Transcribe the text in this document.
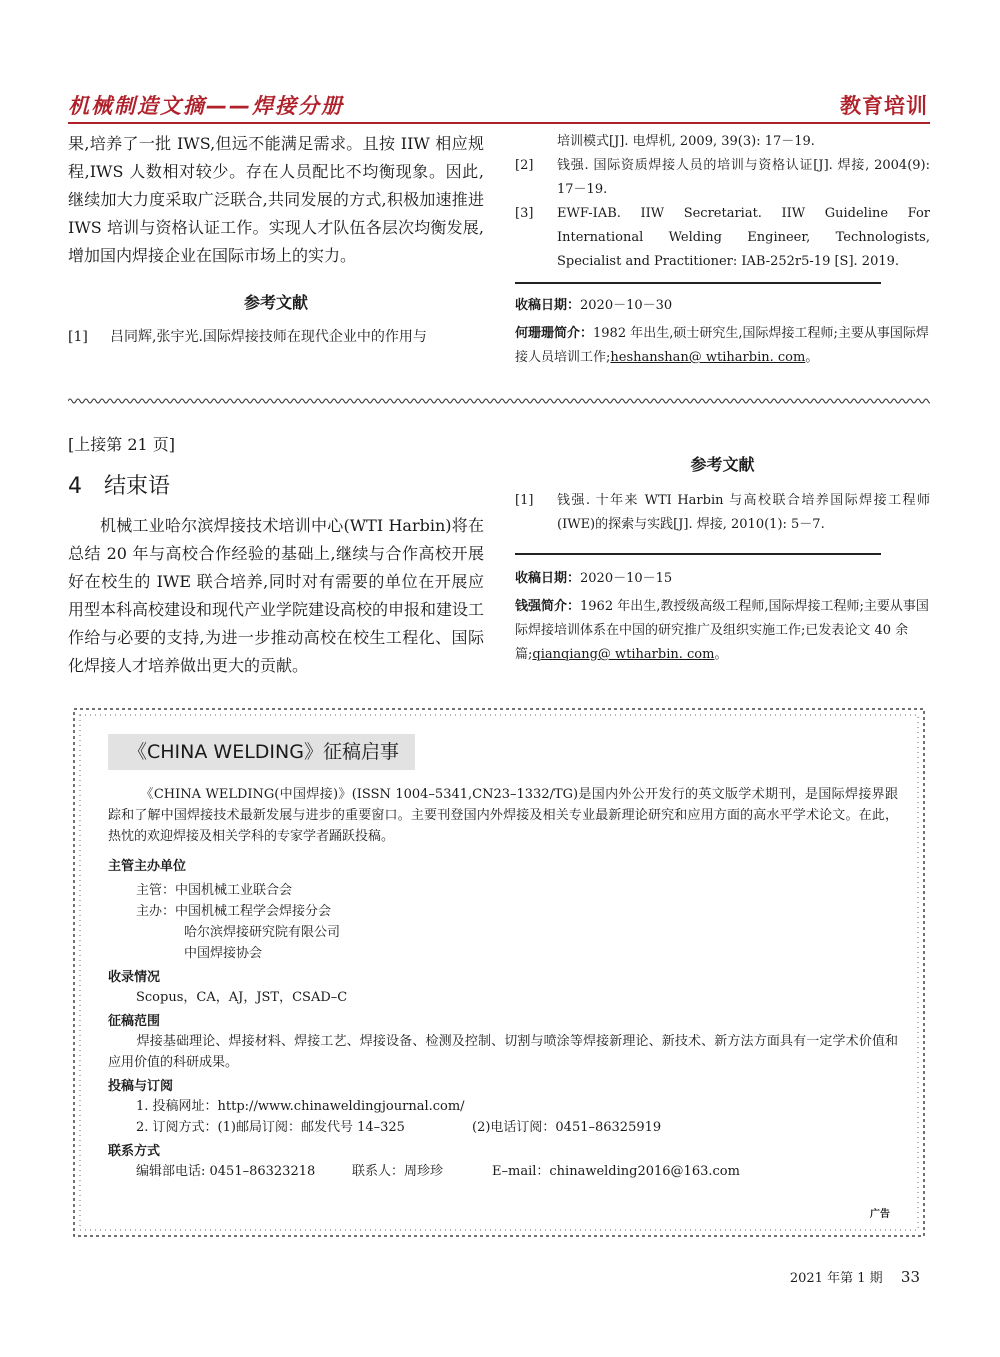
机械制造文摘——焊接分册	教育培训

果,培养了一批 IWS,但远不能满足需求。且按 IIW 相应规程,IWS 人数相对较少。存在人员配比不均衡现象。因此,继续加大力度采取广泛联合,共同发展的方式,积极加速推进 IWS 培训与资格认证工作。实现人才队伍各层次均衡发展,增加国内焊接企业在国际市场上的实力。

参考文献
[1]	吕同辉,张宇光.国际焊接技师在现代企业中的作用与
培训模式[J]. 电焊机, 2009, 39(3): 17－19.
[2]	钱强. 国际资质焊接人员的培训与资格认证[J]. 焊接, 2004(9): 17－19.
[3]	EWF-IAB. IIW Secretariat. IIW Guideline For International Welding Engineer, Technologists, Specialist and Practitioner: IAB-252r5-19 [S]. 2019.
收稿日期：2020－10－30
何珊珊简介：1982 年出生,硕士研究生,国际焊接工程师;主要从事国际焊接人员培训工作;heshanshan@ wtiharbin. com。
[上接第 21 页]
4 结束语

机械工业哈尔滨焊接技术培训中心(WTI Harbin)将在总结 20 年与高校合作经验的基础上,继续与合作高校开展好在校生的 IWE 联合培养,同时对有需要的单位在开展应用型本科高校建设和现代产业学院建设高校的申报和建设工作给与必要的支持,为进一步推动高校在校生工程化、国际化焊接人才培养做出更大的贡献。

参考文献
[1]	钱强. 十年来 WTI Harbin 与高校联合培养国际焊接工程师(IWE)的探索与实践[J]. 焊接, 2010(1): 5－7.
收稿日期：2020－10－15
钱强简介：1962 年出生,教授级高级工程师,国际焊接工程师;主要从事国际焊接培训体系在中国的研究推广及组织实施工作;已发表论文 40 余篇;qianqiang@ wtiharbin. com。
《CHINA WELDING》征稿启事
《CHINA WELDING(中国焊接)》(ISSN 1004–5341,CN23–1332/TG)是国内外公开发行的英文版学术期刊，是国际焊接界跟踪和了解中国焊接技术最新发展与进步的重要窗口。主要刊登国内外焊接及相关专业最新理论研究和应用方面的高水平学术论文。在此，热忱的欢迎焊接及相关学科的专家学者踊跃投稿。
主管主办单位
主管：中国机械工业联合会
主办：中国机械工程学会焊接分会
哈尔滨焊接研究院有限公司
中国焊接协会
收录情况
Scopus，CA，AJ，JST，CSAD–C
征稿范围
焊接基础理论、焊接材料、焊接工艺、焊接设备、检测及控制、切割与喷涂等焊接新理论、新技术、新方法方面具有一定学术价值和应用价值的科研成果。
投稿与订阅
1. 投稿网址：http://www.chinaweldingjournal.com/
2. 订阅方式：(1)邮局订阅：邮发代号 14–325	(2)电话订阅：0451–86325919
联系方式
编辑部电话: 0451–86323218	联系人：周珍珍	E–mail：chinawelding2016@163.com
广告
2021 年第 1 期 33
